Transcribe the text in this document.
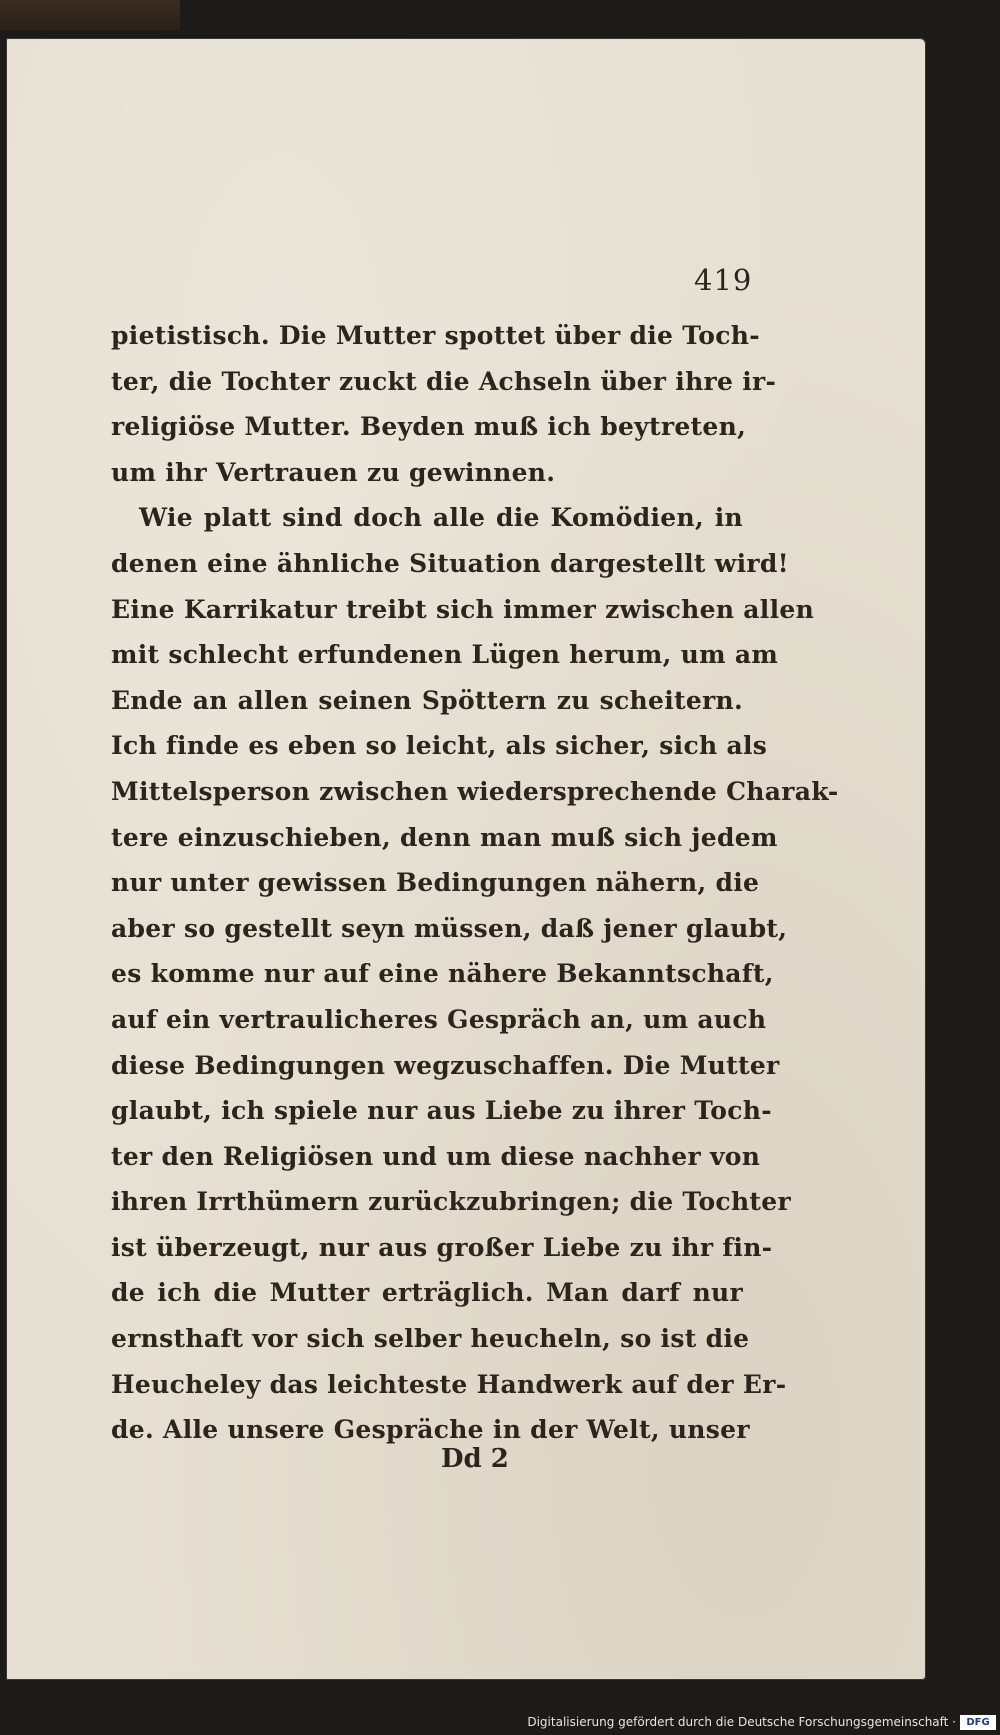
419
pietistisch. Die Mutter spottet über die Toch-
ter, die Tochter zuckt die Achseln über ihre ir-
religiöse Mutter. Beyden muß ich beytreten,
um ihr Vertrauen zu gewinnen.
Wie platt sind doch alle die Komödien, in
denen eine ähnliche Situation dargestellt wird!
Eine Karrikatur treibt sich immer zwischen allen
mit schlecht erfundenen Lügen herum, um am
Ende an allen seinen Spöttern zu scheitern.
Ich finde es eben so leicht, als sicher, sich als
Mittelsperson zwischen wiedersprechende Charak-
tere einzuschieben, denn man muß sich jedem
nur unter gewissen Bedingungen nähern, die
aber so gestellt seyn müssen, daß jener glaubt,
es komme nur auf eine nähere Bekanntschaft,
auf ein vertraulicheres Gespräch an, um auch
diese Bedingungen wegzuschaffen. Die Mutter
glaubt, ich spiele nur aus Liebe zu ihrer Toch-
ter den Religiösen und um diese nachher von
ihren Irrthümern zurückzubringen; die Tochter
ist überzeugt, nur aus großer Liebe zu ihr fin-
de ich die Mutter erträglich. Man darf nur
ernsthaft vor sich selber heucheln, so ist die
Heucheley das leichteste Handwerk auf der Er-
de. Alle unsere Gespräche in der Welt, unser
Dd 2
Digitalisierung gefördert durch die Deutsche Forschungsgemeinschaft ·	DFG
